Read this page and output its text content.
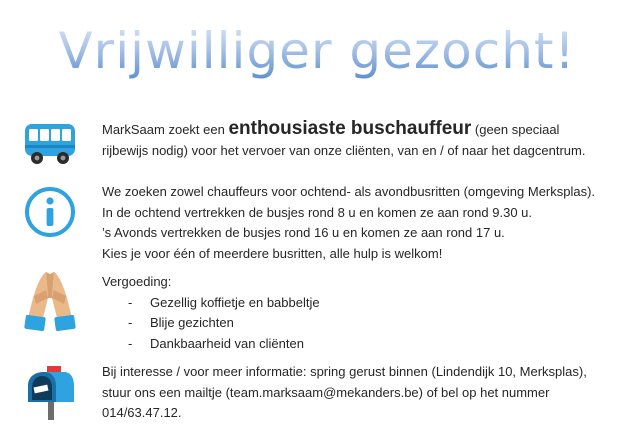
Vrijwilliger gezocht!
MarkSaam zoekt een enthousiaste buschauffeur (geen speciaal
rijbewijs nodig) voor het vervoer van onze cliënten, van en / of naar het dagcentrum.
We zoeken zowel chauffeurs voor ochtend- als avondbusritten (omgeving Merksplas).
In de ochtend vertrekken de busjes rond 8 u en komen ze aan rond 9.30 u.
’s Avonds vertrekken de busjes rond 16 u en komen ze aan rond 17 u.
Kies je voor één of meerdere busritten, alle hulp is welkom!
Vergoeding:
- Gezellig koffietje en babbeltje
- Blije gezichten
- Dankbaarheid van cliënten
Bij interesse / voor meer informatie: spring gerust binnen (Lindendijk 10, Merksplas),
stuur ons een mailtje (team.marksaam@mekanders.be) of bel op het nummer
014/63.47.12.
